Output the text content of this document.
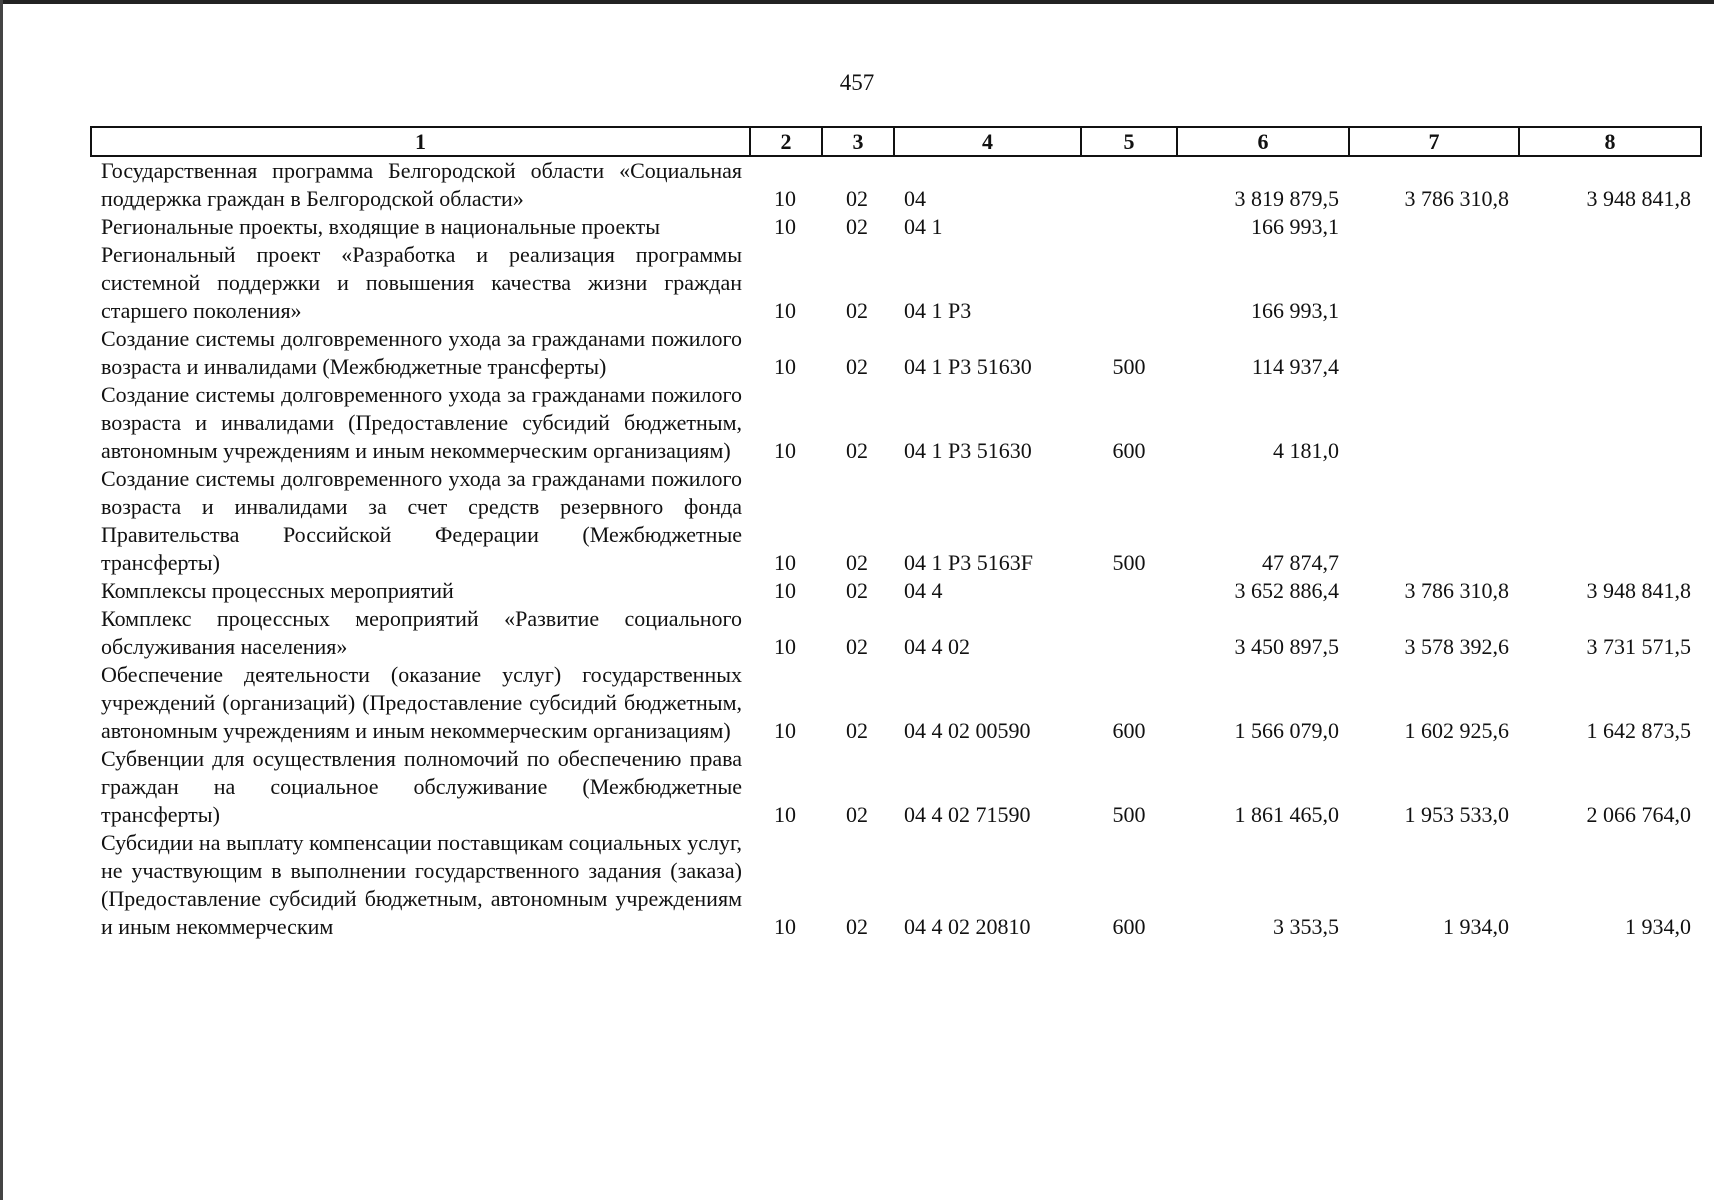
457
1	2	3	4	5	6	7	8
Государственная программа Белгородской области «Социальная поддержка граждан в Белгородской области»	10	02	04		3 819 879,5	3 786 310,8	3 948 841,8
Региональные проекты, входящие в национальные проекты	10	02	04 1		166 993,1		
Региональный проект «Разработка и реализация программы системной поддержки и повышения качества жизни граждан старшего поколения»	10	02	04 1 Р3		166 993,1		
Создание системы долговременного ухода за гражданами пожилого возраста и инвалидами (Межбюджетные трансферты)	10	02	04 1 Р3 51630	500	114 937,4		
Создание системы долговременного ухода за гражданами пожилого возраста и инвалидами (Предоставление субсидий бюджетным, автономным учреждениям и иным некоммерческим организациям)	10	02	04 1 Р3 51630	600	4 181,0		
Создание системы долговременного ухода за гражданами пожилого возраста и инвалидами за счет средств резервного фонда Правительства Российской Федерации (Межбюджетные трансферты)	10	02	04 1 Р3 5163F	500	47 874,7		
Комплексы процессных мероприятий	10	02	04 4		3 652 886,4	3 786 310,8	3 948 841,8
Комплекс процессных мероприятий «Развитие социального обслуживания населения»	10	02	04 4 02		3 450 897,5	3 578 392,6	3 731 571,5
Обеспечение деятельности (оказание услуг) государственных учреждений (организаций) (Предоставление субсидий бюджетным, автономным учреждениям и иным некоммерческим организациям)	10	02	04 4 02 00590	600	1 566 079,0	1 602 925,6	1 642 873,5
Субвенции для осуществления полномочий по обеспечению права граждан на социальное обслуживание (Межбюджетные трансферты)	10	02	04 4 02 71590	500	1 861 465,0	1 953 533,0	2 066 764,0
Субсидии на выплату компенсации поставщикам социальных услуг, не участвующим в выполнении государственного задания (заказа) (Предоставление субсидий бюджетным, автономным учреждениям и иным некоммерческим	10	02	04 4 02 20810	600	3 353,5	1 934,0	1 934,0
